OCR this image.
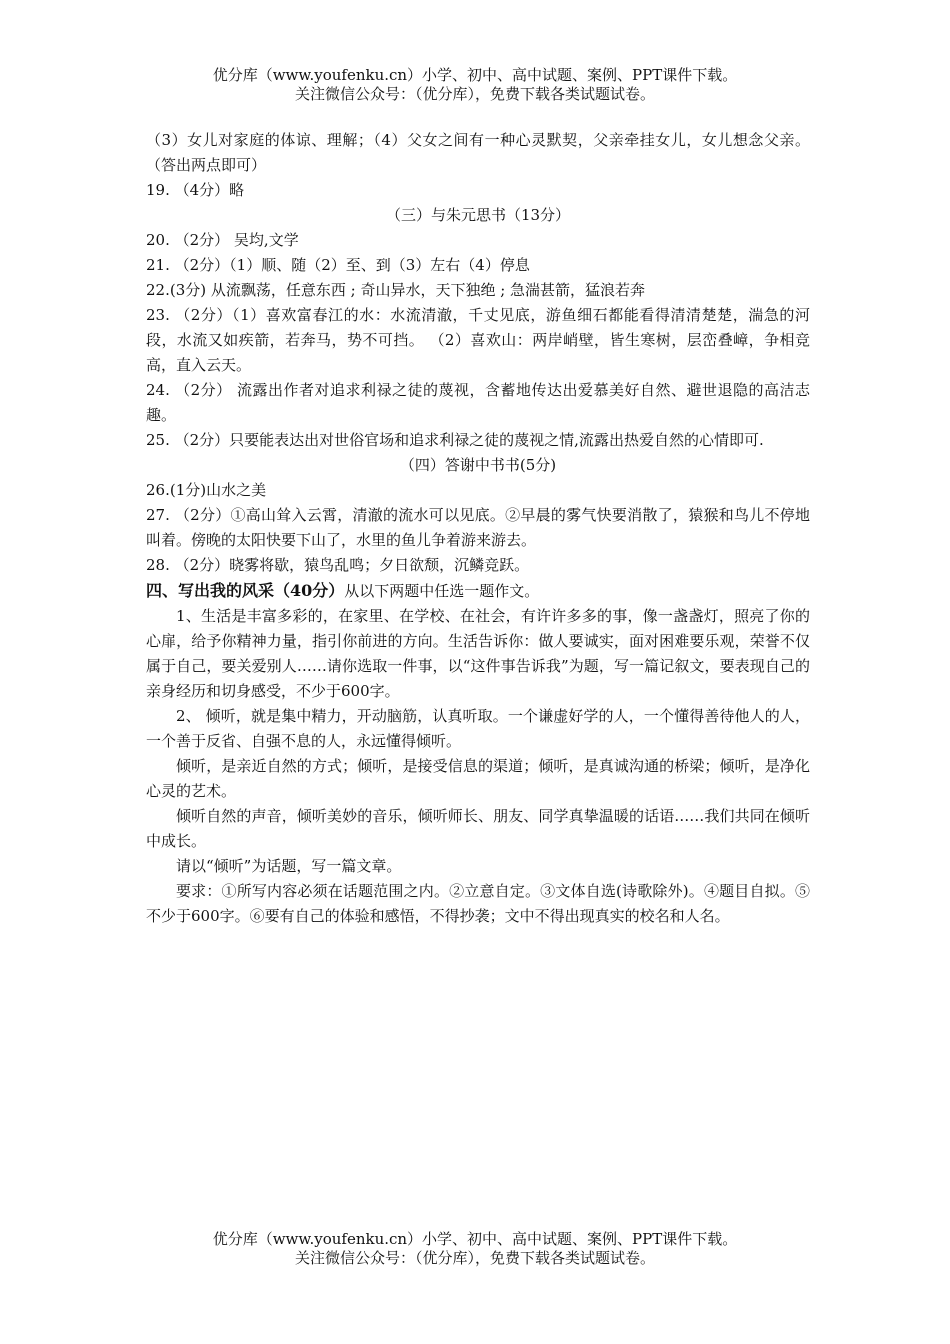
优分库（www.youfenku.cn）小学、初中、高中试题、案例、PPT课件下载。
关注微信公众号：（优分库），免费下载各类试题试卷。

（3）女儿对家庭的体谅、理解；（4）父女之间有一种心灵默契，父亲牵挂女儿，女儿想念父亲。（答出两点即可）

19. （4分）略

（三）与朱元思书（13分）

20. （2分） 吴均,文学

21. （2分）（1）顺、随（2）至、到（3）左右（4）停息

22.(3分) 从流飘荡，任意东西 ; 奇山异水，天下独绝 ; 急湍甚箭，猛浪若奔

23. （2分）（1）喜欢富春江的水：水流清澈，千丈见底，游鱼细石都能看得清清楚楚，湍急的河段，水流又如疾箭，若奔马，势不可挡。 （2）喜欢山：两岸峭壁，皆生寒树，层峦叠嶂，争相竞高，直入云天。

24. （2分） 流露出作者对追求利禄之徒的蔑视，含蓄地传达出爱慕美好自然、避世退隐的高洁志趣。

25. （2分）只要能表达出对世俗官场和追求利禄之徒的蔑视之情,流露出热爱自然的心情即可.

（四）答谢中书书(5分)

26.(1分)山水之美

27. （2分）①高山耸入云霄，清澈的流水可以见底。②早晨的雾气快要消散了，猿猴和鸟儿不停地叫着。傍晚的太阳快要下山了，水里的鱼儿争着游来游去。

28. （2分）晓雾将歇，猿鸟乱鸣；夕日欲颓，沉鳞竞跃。

四、写出我的风采（40分）从以下两题中任选一题作文。

1、生活是丰富多彩的，在家里、在学校、在社会，有许许多多的事，像一盏盏灯，照亮了你的心扉，给予你精神力量，指引你前进的方向。生活告诉你：做人要诚实，面对困难要乐观，荣誉不仅属于自己，要关爱别人……请你选取一件事，以“这件事告诉我”为题，写一篇记叙文，要表现自己的亲身经历和切身感受，不少于600字。

2、 倾听，就是集中精力，开动脑筋，认真听取。一个谦虚好学的人，一个懂得善待他人的人，一个善于反省、自强不息的人，永远懂得倾听。

倾听，是亲近自然的方式；倾听，是接受信息的渠道；倾听，是真诚沟通的桥梁；倾听，是净化心灵的艺术。

倾听自然的声音，倾听美妙的音乐，倾听师长、朋友、同学真挚温暖的话语……我们共同在倾听中成长。

请以“倾听”为话题，写一篇文章。

要求：①所写内容必须在话题范围之内。②立意自定。③文体自选(诗歌除外)。④题目自拟。⑤不少于600字。⑥要有自己的体验和感悟，不得抄袭；文中不得出现真实的校名和人名。

优分库（www.youfenku.cn）小学、初中、高中试题、案例、PPT课件下载。
关注微信公众号：（优分库），免费下载各类试题试卷。
